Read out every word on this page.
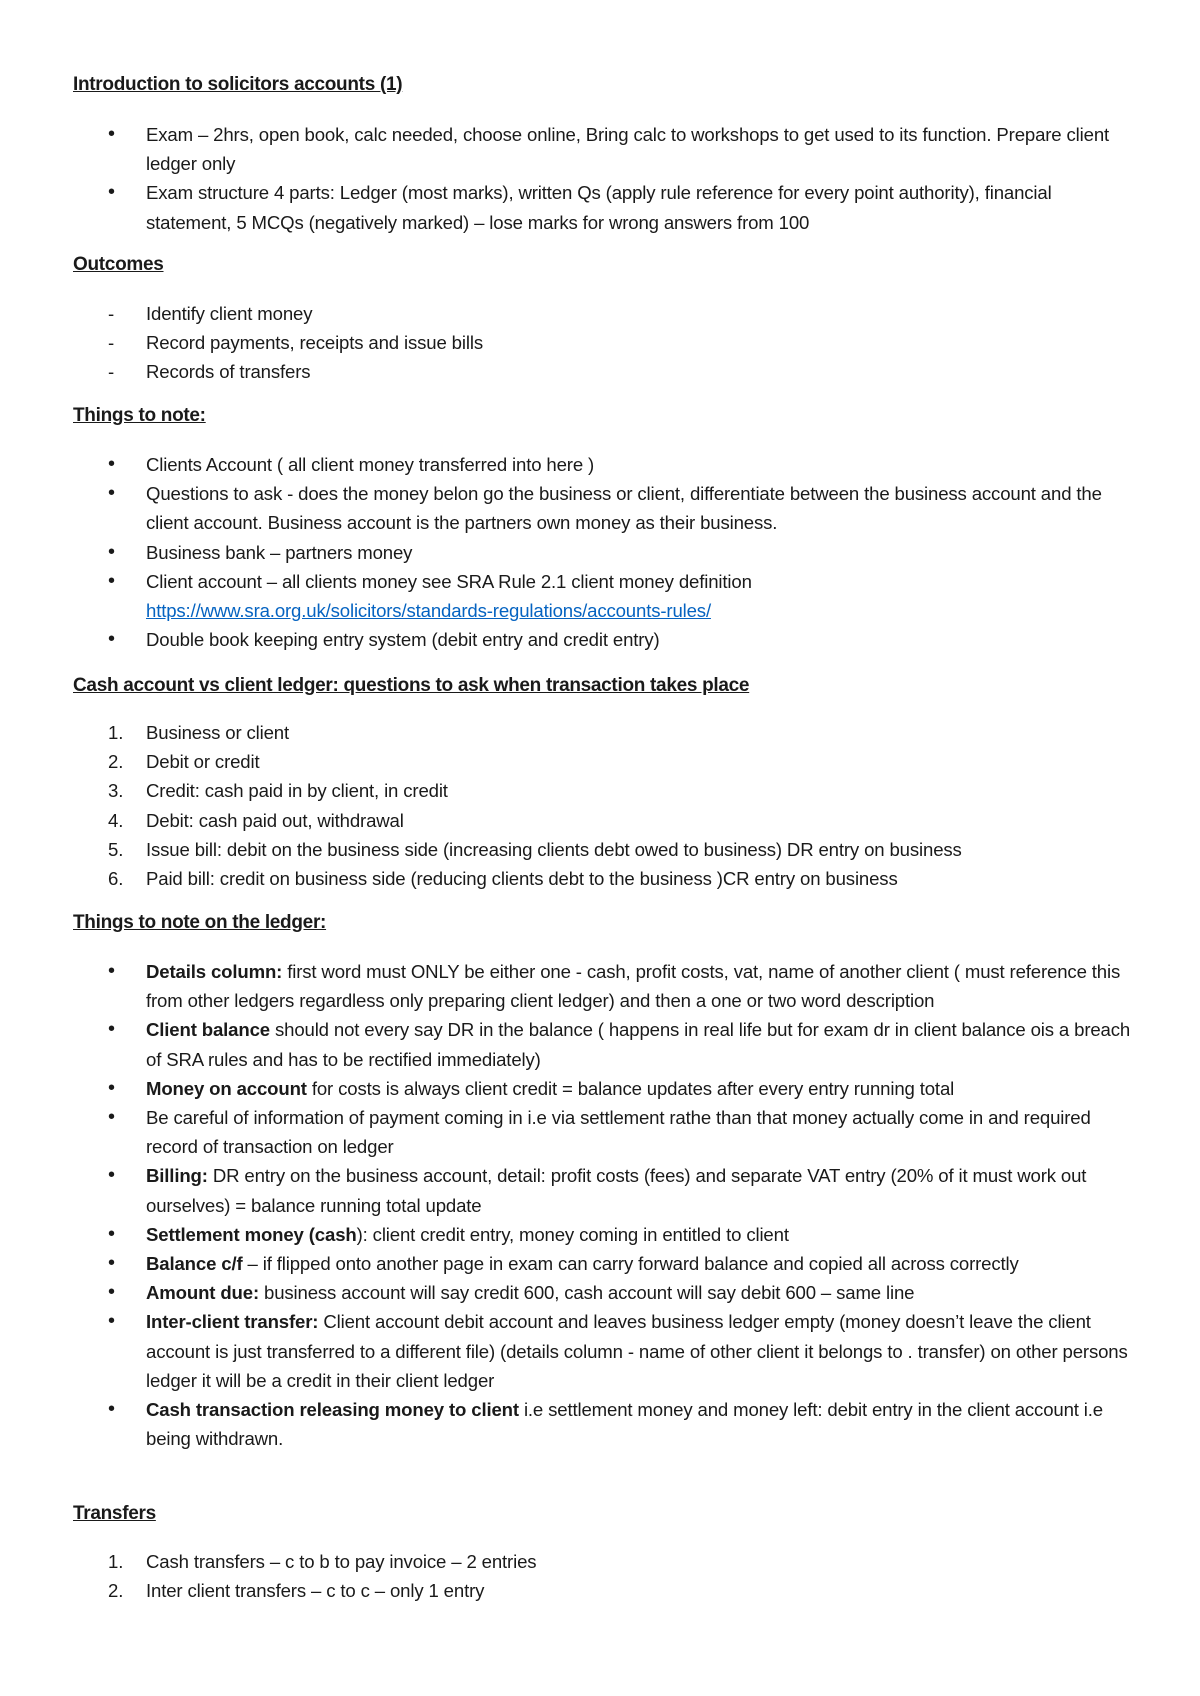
Introduction to solicitors accounts (1)
•	Exam – 2hrs, open book, calc needed, choose online, Bring calc to workshops to get used to its function. Prepare client ledger only
•	Exam structure 4 parts: Ledger (most marks), written Qs (apply rule reference for every point authority), financial statement, 5 MCQs (negatively marked) – lose marks for wrong answers from 100
Outcomes
-	Identify client money
-	Record payments, receipts and issue bills
-	Records of transfers
Things to note:
•	Clients Account ( all client money transferred into here )
•	Questions to ask - does the money belon go the business or client, differentiate between the business account and the client account. Business account is the partners own money as their business.
•	Business bank – partners money
•	Client account – all clients money see SRA Rule 2.1 client money definition
https://www.sra.org.uk/solicitors/standards-regulations/accounts-rules/
•	Double book keeping entry system (debit entry and credit entry)
Cash account vs client ledger: questions to ask when transaction takes place
1.	Business or client
2.	Debit or credit
3.	Credit: cash paid in by client, in credit
4.	Debit: cash paid out, withdrawal
5.	Issue bill: debit on the business side (increasing clients debt owed to business) DR entry on business
6.	Paid bill: credit on business side (reducing clients debt to the business )CR entry on business
Things to note on the ledger:
•	Details column: first word must ONLY be either one - cash, profit costs, vat, name of another client ( must reference this from other ledgers regardless only preparing client ledger) and then a one or two word description
•	Client balance should not every say DR in the balance ( happens in real life but for exam dr in client balance ois a breach of SRA rules and has to be rectified immediately)
•	Money on account for costs is always client credit = balance updates after every entry running total
•	Be careful of information of payment coming in i.e via settlement rathe than that money actually come in and required record of transaction on ledger
•	Billing: DR entry on the business account, detail: profit costs (fees) and separate VAT entry (20% of it must work out ourselves) = balance running total update
•	Settlement money (cash): client credit entry, money coming in entitled to client
•	Balance c/f – if flipped onto another page in exam can carry forward balance and copied all across correctly
•	Amount due: business account will say credit 600, cash account will say debit 600 – same line
•	Inter-client transfer: Client account debit account and leaves business ledger empty (money doesn’t leave the client account is just transferred to a different file) (details column - name of other client it belongs to . transfer) on other persons ledger it will be a credit in their client ledger
•	Cash transaction releasing money to client i.e settlement money and money left: debit entry in the client account i.e being withdrawn.
Transfers
1.	Cash transfers – c to b to pay invoice – 2 entries
2.	Inter client transfers – c to c – only 1 entry
